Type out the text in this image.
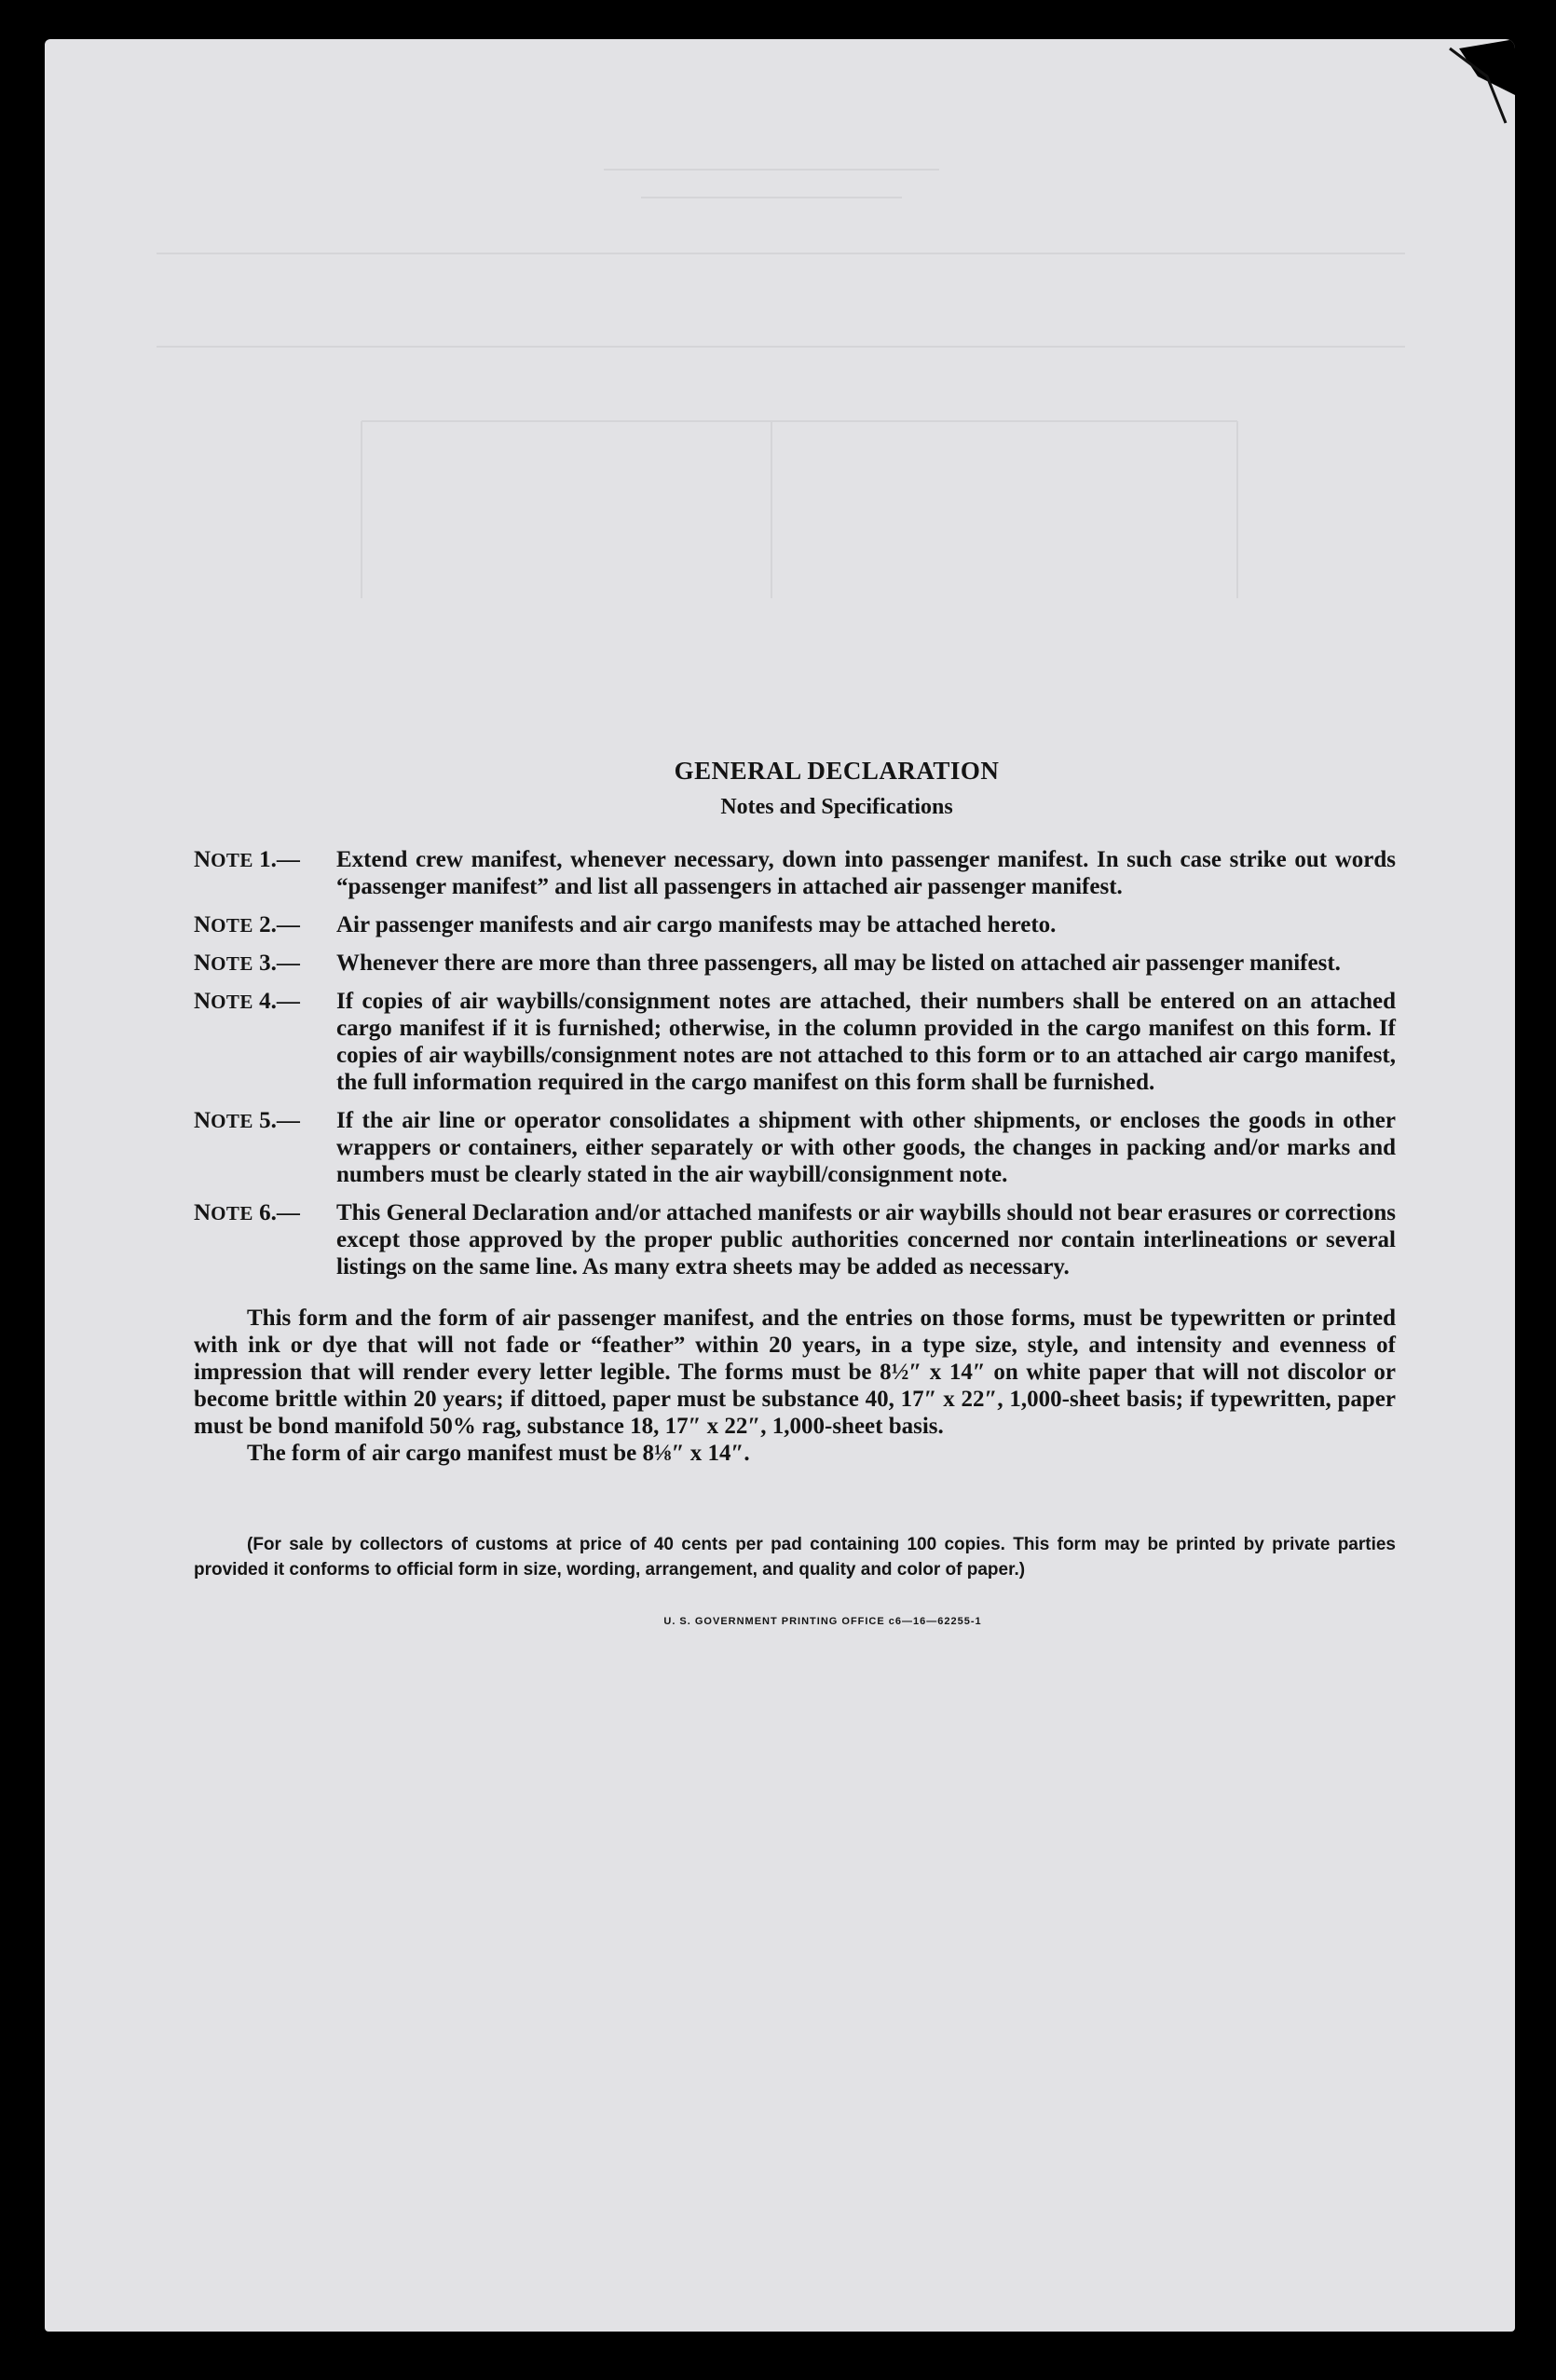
GENERAL DECLARATION
Notes and Specifications
NOTE 1.— Extend crew manifest, whenever necessary, down into passenger manifest. In such case strike out words “passenger manifest” and list all passengers in attached air passenger manifest.
NOTE 2.— Air passenger manifests and air cargo manifests may be attached hereto.
NOTE 3.— Whenever there are more than three passengers, all may be listed on attached air passenger manifest.
NOTE 4.— If copies of air waybills/consignment notes are attached, their numbers shall be entered on an attached cargo manifest if it is furnished; otherwise, in the column provided in the cargo manifest on this form. If copies of air waybills/consignment notes are not attached to this form or to an attached air cargo manifest, the full information required in the cargo manifest on this form shall be furnished.
NOTE 5.— If the air line or operator consolidates a shipment with other shipments, or encloses the goods in other wrappers or containers, either separately or with other goods, the changes in packing and/or marks and numbers must be clearly stated in the air waybill/consignment note.
NOTE 6.— This General Declaration and/or attached manifests or air waybills should not bear erasures or corrections except those approved by the proper public authorities concerned nor contain interlineations or several listings on the same line. As many extra sheets may be added as necessary.

This form and the form of air passenger manifest, and the entries on those forms, must be typewritten or printed with ink or dye that will not fade or “feather” within 20 years, in a type size, style, and intensity and evenness of impression that will render every letter legible. The forms must be 8½″ x 14″ on white paper that will not discolor or become brittle within 20 years; if dittoed, paper must be substance 40, 17″ x 22″, 1,000-sheet basis; if typewritten, paper must be bond manifold 50% rag, substance 18, 17″ x 22″, 1,000-sheet basis.

The form of air cargo manifest must be 8⅛″ x 14″.

(For sale by collectors of customs at price of 40 cents per pad containing 100 copies. This form may be printed by private parties provided it conforms to official form in size, wording, arrangement, and quality and color of paper.)
U. S. GOVERNMENT PRINTING OFFICE c6—16—62255-1
